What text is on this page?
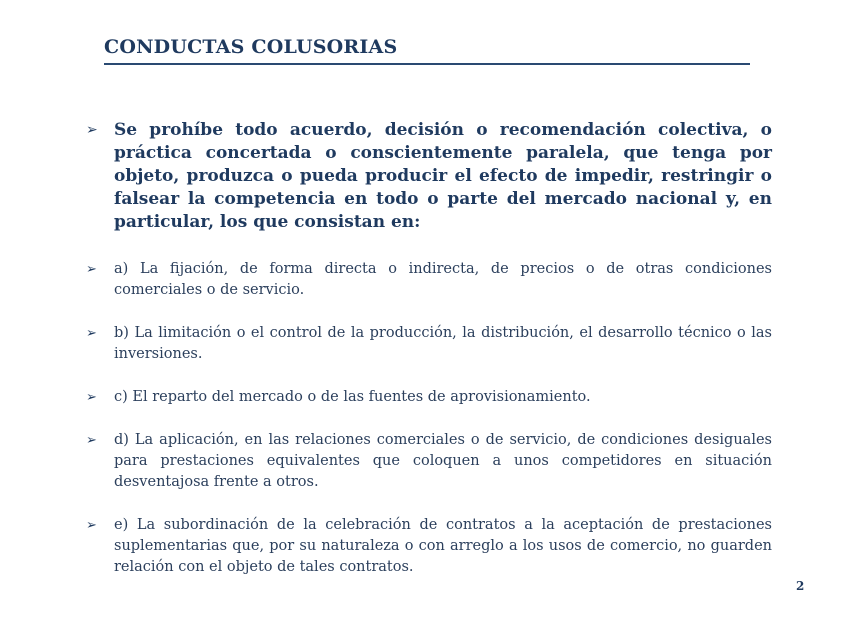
CONDUCTAS COLUSORIAS
➢ Se prohíbe todo acuerdo, decisión o recomendación colectiva, o práctica concertada o conscientemente paralela, que tenga por objeto, produzca o pueda producir el efecto de impedir, restringir o falsear la competencia en todo o parte del mercado nacional y, en particular, los que consistan en:
➢	a) La fijación, de forma directa o indirecta, de precios o de otras condiciones comerciales o de servicio.
➢	b) La limitación o el control de la producción, la distribución, el desarrollo técnico o las inversiones.
➢	c) El reparto del mercado o de las fuentes de aprovisionamiento.
➢	d) La aplicación, en las relaciones comerciales o de servicio, de condiciones desiguales para prestaciones equivalentes que coloquen a unos competidores en situación desventajosa frente a otros.
➢	e) La subordinación de la celebración de contratos a la aceptación de prestaciones suplementarias que, por su naturaleza o con arreglo a los usos de comercio, no guarden relación con el objeto de tales contratos.
2
